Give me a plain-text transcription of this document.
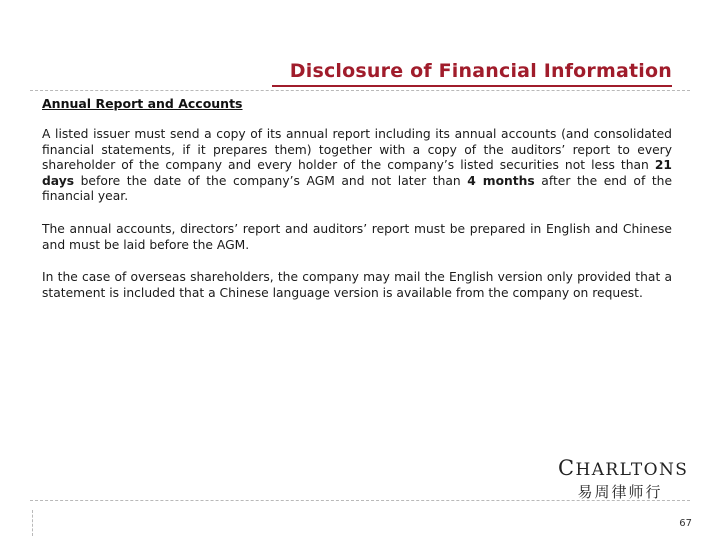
Disclosure of Financial Information
Annual Report and Accounts

A listed issuer must send a copy of its annual report including its annual accounts (and consolidated financial statements, if it prepares them) together with a copy of the auditors’ report to every shareholder of the company and every holder of the company’s listed securities not less than 21 days before the date of the company’s AGM and not later than 4 months after the end of the financial year.

The annual accounts, directors’ report and auditors’ report must be prepared in English and Chinese and must be laid before the AGM.

In the case of overseas shareholders, the company may mail the English version only provided that a statement is included that a Chinese language version is available from the company on request.

CHARLTONS
易周律师行
67
